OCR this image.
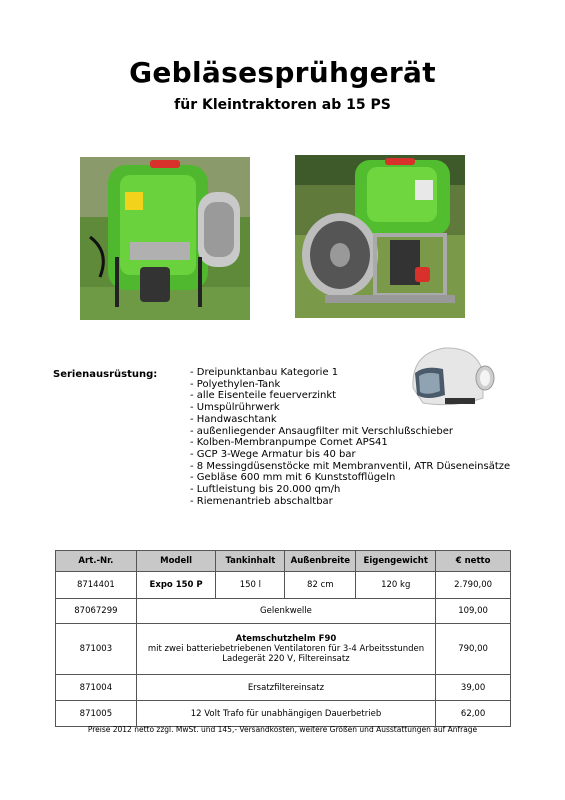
Gebläsesprühgerät
für Kleintraktoren ab 15 PS
Serienausrüstung:	- Dreipunktanbau Kategorie 1
- Polyethylen-Tank
- alle Eisenteile feuerverzinkt
- Umspülrührwerk
- Handwaschtank
- außenliegender Ansaugfilter mit Verschlußschieber
- Kolben-Membranpumpe Comet APS41
- GCP 3-Wege Armatur bis 40 bar
- 8 Messingdüsenstöcke mit Membranventil, ATR Düseneinsätze
- Gebläse 600 mm mit 6 Kunststofflügeln
- Luftleistung bis 20.000 qm/h
- Riemenantrieb abschaltbar
Art.-Nr.	Modell	Tankinhalt	Außenbreite	Eigengewicht	€ netto
8714401	Expo 150 P	150 l	82 cm	120 kg	2.790,00
87067299	Gelenkwelle				109,00
871003	Atemschutzhelm F90
mit zwei batteriebetriebenen Ventilatoren für 3-4 Arbeitsstunden
Ladegerät 220 V, Filtereinsatz				790,00
871004	Ersatzfiltereinsatz				39,00
871005	12 Volt Trafo für unabhängigen Dauerbetrieb				62,00
Preise 2012 netto zzgl. MwSt. und 145,- Versandkosten, weitere Größen und Ausstattungen auf Anfrage
